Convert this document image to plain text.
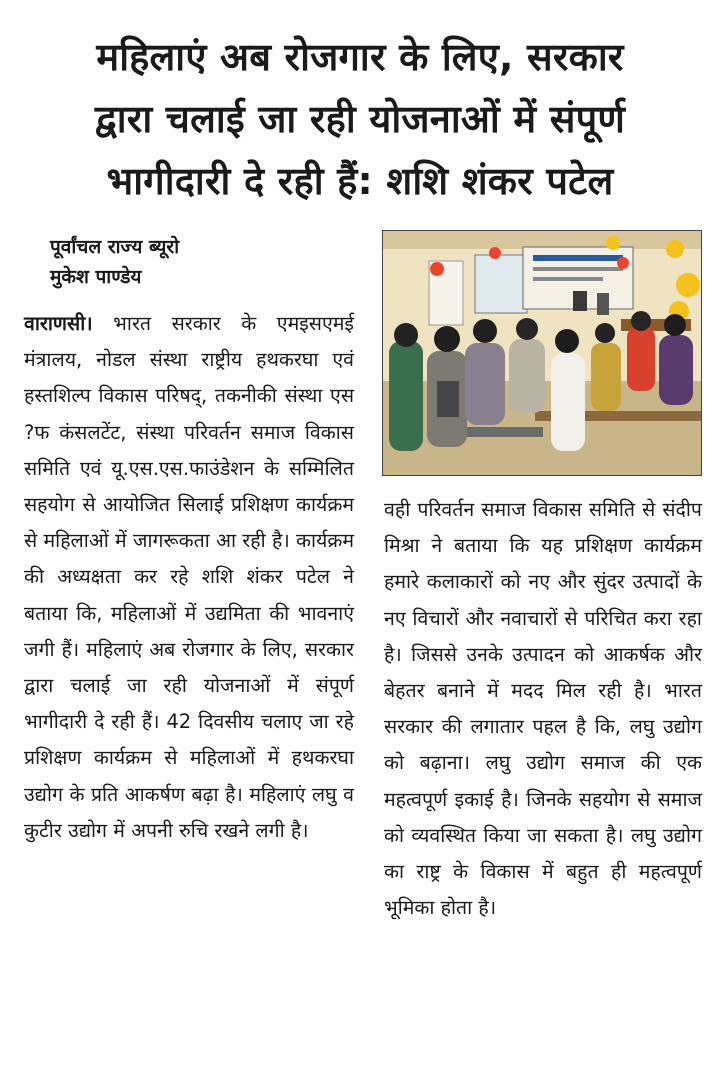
महिलाएं अब रोजगार के लिए, सरकार
द्वारा चलाई जा रही योजनाओं में संपूर्ण
भागीदारी दे रही हैं: शशि शंकर पटेल
पूर्वांचल राज्य ब्यूरो
मुकेश पाण्डेय
वाराणसी। भारत सरकार के एमइसएमई मंत्रालय, नोडल संस्था राष्ट्रीय हथकरघा एवं हस्तशिल्प विकास परिषद्, तकनीकी संस्था एस ?फ कंसलटेंट, संस्था परिवर्तन समाज विकास समिति एवं यू.एस.एस.फाउंडेशन के सम्मिलित सहयोग से आयोजित सिलाई प्रशिक्षण कार्यक्रम से महिलाओं में जागरूकता आ रही है। कार्यक्रम की अध्यक्षता कर रहे शशि शंकर पटेल ने बताया कि, महिलाओं में उद्यमिता की भावनाएं जगी हैं। महिलाएं अब रोजगार के लिए, सरकार द्वारा चलाई जा रही योजनाओं में संपूर्ण भागीदारी दे रही हैं। 42 दिवसीय चलाए जा रहे प्रशिक्षण कार्यक्रम से महिलाओं में हथकरघा उद्योग के प्रति आकर्षण बढ़ा है। महिलाएं लघु व कुटीर उद्योग में अपनी रुचि रखने लगी है।
वही परिवर्तन समाज विकास समिति से संदीप मिश्रा ने बताया कि यह प्रशिक्षण कार्यक्रम हमारे कलाकारों को नए और सुंदर उत्पादों के नए विचारों और नवाचारों से परिचित करा रहा है। जिससे उनके उत्पादन को आकर्षक और बेहतर बनाने में मदद मिल रही है। भारत सरकार की लगातार पहल है कि, लघु उद्योग को बढ़ाना। लघु उद्योग समाज की एक महत्वपूर्ण इकाई है। जिनके सहयोग से समाज को व्यवस्थित किया जा सकता है। लघु उद्योग का राष्ट्र के विकास में बहुत ही महत्वपूर्ण भूमिका होता है।
